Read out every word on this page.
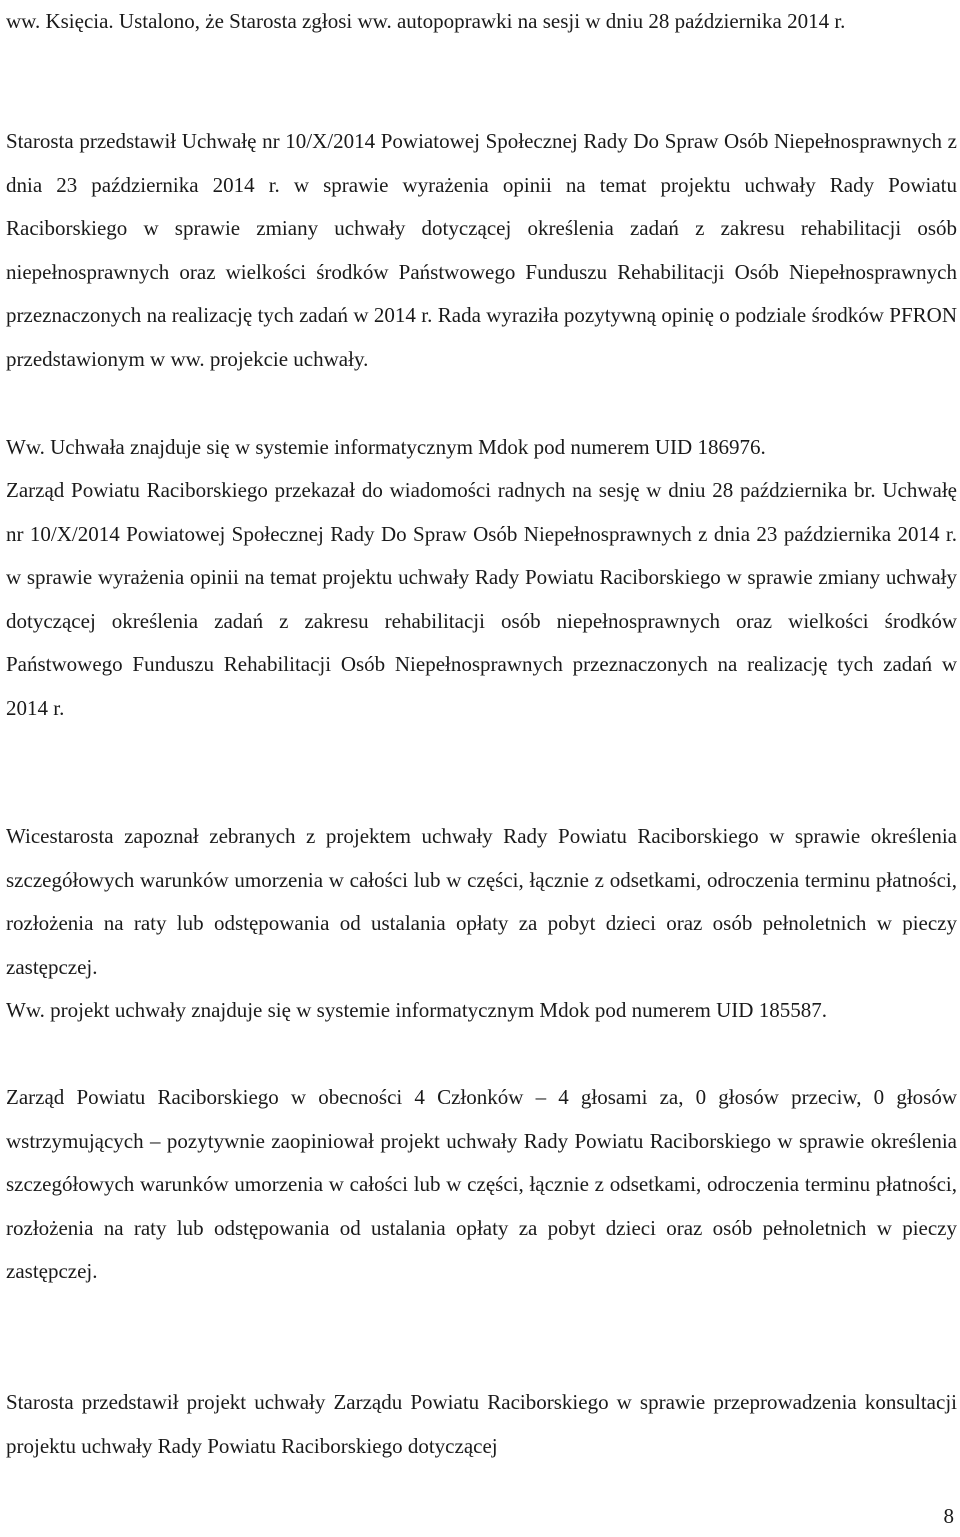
ww. Księcia. Ustalono, że Starosta zgłosi ww. autopoprawki na sesji w dniu 28 października 2014 r.

Starosta przedstawił Uchwałę nr 10/X/2014 Powiatowej Społecznej Rady Do Spraw Osób Niepełnosprawnych z dnia 23 października 2014 r. w sprawie wyrażenia opinii na temat projektu uchwały Rady Powiatu Raciborskiego w sprawie zmiany uchwały dotyczącej określenia zadań z zakresu rehabilitacji osób niepełnosprawnych oraz wielkości środków Państwowego Funduszu Rehabilitacji Osób Niepełnosprawnych przeznaczonych na realizację tych zadań w 2014 r. Rada wyraziła pozytywną opinię o podziale środków PFRON przedstawionym w ww. projekcie uchwały.

Ww. Uchwała znajduje się w systemie informatycznym Mdok pod numerem UID 186976.

Zarząd Powiatu Raciborskiego przekazał do wiadomości radnych na sesję w dniu 28 października br. Uchwałę nr 10/X/2014 Powiatowej Społecznej Rady Do Spraw Osób Niepełnosprawnych z dnia 23 października 2014 r. w sprawie wyrażenia opinii na temat projektu uchwały Rady Powiatu Raciborskiego w sprawie zmiany uchwały dotyczącej określenia zadań z zakresu rehabilitacji osób niepełnosprawnych oraz wielkości środków Państwowego Funduszu Rehabilitacji Osób Niepełnosprawnych przeznaczonych na realizację tych zadań w 2014 r.

Wicestarosta zapoznał zebranych z projektem uchwały Rady Powiatu Raciborskiego w sprawie określenia szczegółowych warunków umorzenia w całości lub w części, łącznie z odsetkami, odroczenia terminu płatności, rozłożenia na raty lub odstępowania od ustalania opłaty za pobyt dzieci oraz osób pełnoletnich w pieczy zastępczej.

Ww. projekt uchwały znajduje się w systemie informatycznym Mdok pod numerem UID 185587.

Zarząd Powiatu Raciborskiego w obecności 4 Członków – 4 głosami za, 0 głosów przeciw, 0 głosów wstrzymujących – pozytywnie zaopiniował projekt uchwały Rady Powiatu Raciborskiego w sprawie określenia szczegółowych warunków umorzenia w całości lub w części, łącznie z odsetkami, odroczenia terminu płatności, rozłożenia na raty lub odstępowania od ustalania opłaty za pobyt dzieci oraz osób pełnoletnich w pieczy zastępczej.

Starosta przedstawił projekt uchwały Zarządu Powiatu Raciborskiego w sprawie przeprowadzenia konsultacji projektu uchwały Rady Powiatu Raciborskiego dotyczącej

8
